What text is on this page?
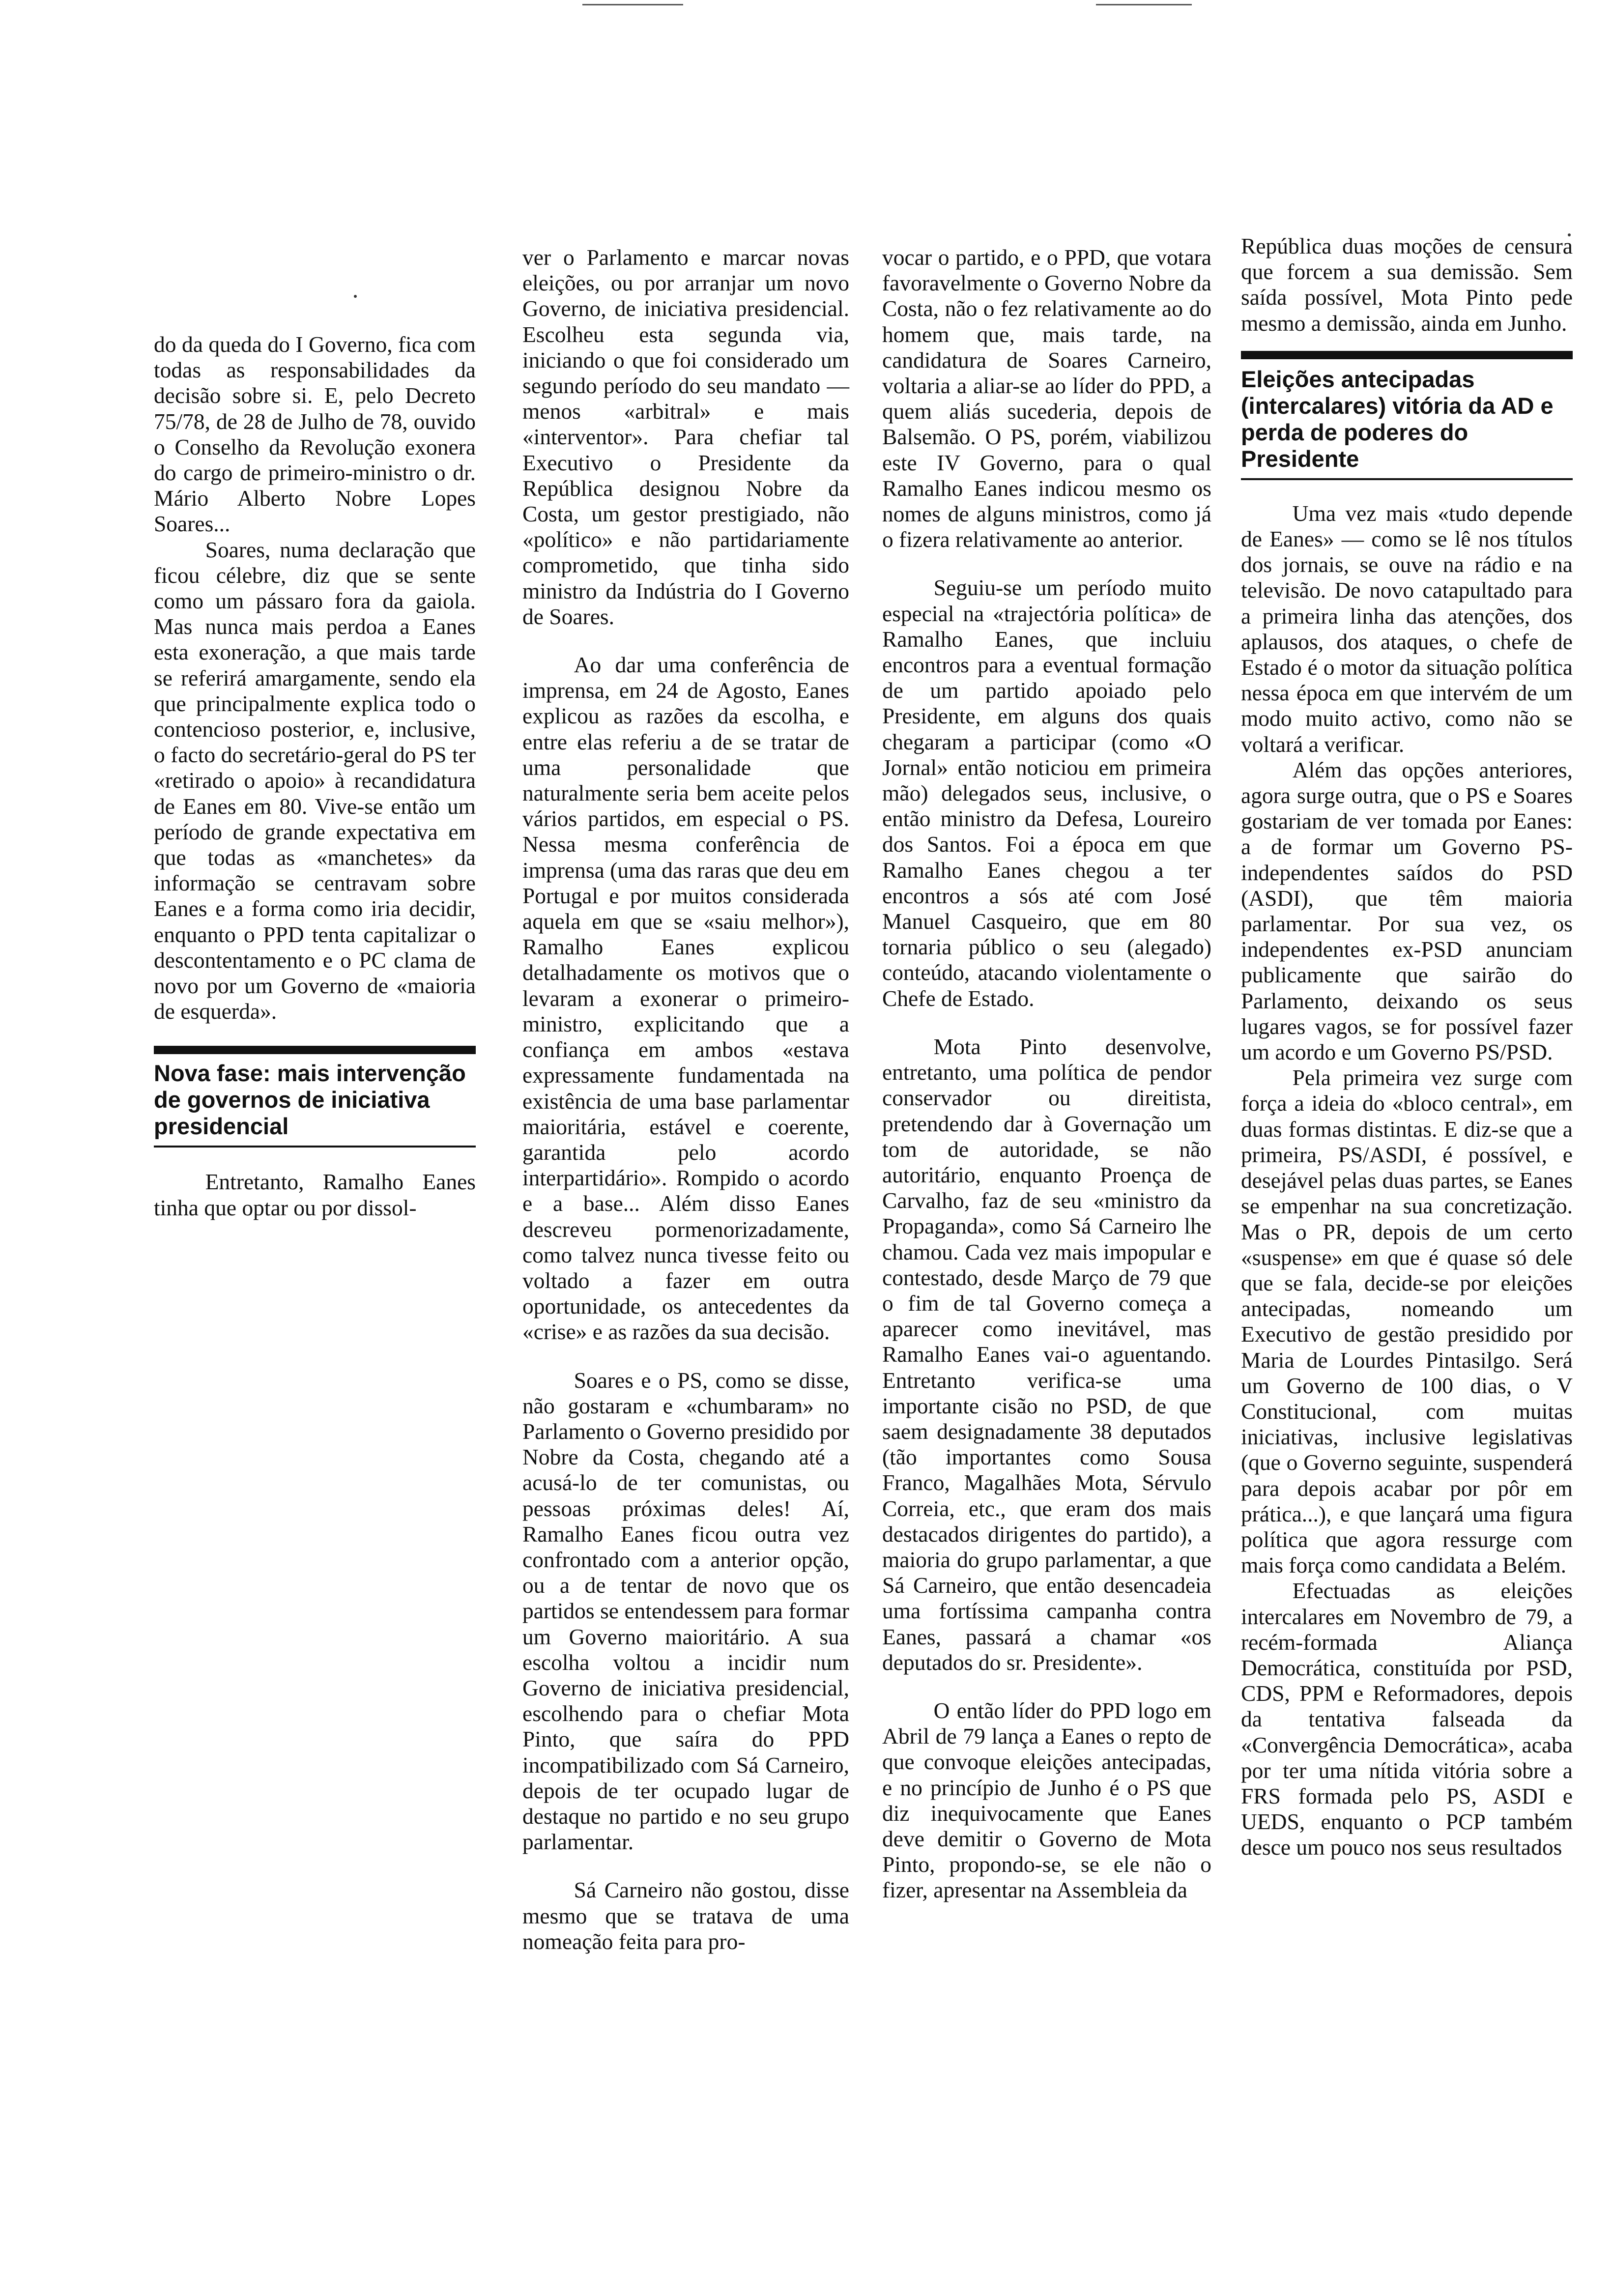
do da queda do I Governo, fica com todas as responsabilidades da decisão sobre si. E, pelo Decreto 75/78, de 28 de Julho de 78, ouvido o Conselho da Revolução exonera do cargo de primeiro-ministro o dr. Mário Alberto Nobre Lopes Soares...

Soares, numa declaração que ficou célebre, diz que se sente como um pássaro fora da gaiola. Mas nunca mais perdoa a Eanes esta exoneração, a que mais tarde se referirá amargamente, sendo ela que principalmente explica todo o contencioso posterior, e, inclusive, o facto do secretário-geral do PS ter «retirado o apoio» à recandidatura de Eanes em 80. Vive-se então um período de grande expectativa em que todas as «manchetes» da informação se centravam sobre Eanes e a forma como iria decidir, enquanto o PPD tenta capitalizar o descontentamento e o PC clama de novo por um Governo de «maioria de esquerda».

Nova fase: mais intervenção de governos de iniciativa presidencial

Entretanto, Ramalho Eanes tinha que optar ou por dissol-

ver o Parlamento e marcar novas eleições, ou por arranjar um novo Governo, de iniciativa presidencial. Escolheu esta segunda via, iniciando o que foi considerado um segundo período do seu mandato — menos «arbitral» e mais «interventor». Para chefiar tal Executivo o Presidente da República designou Nobre da Costa, um gestor prestigiado, não «político» e não partidariamente comprometido, que tinha sido ministro da Indústria do I Governo de Soares.

Ao dar uma conferência de imprensa, em 24 de Agosto, Eanes explicou as razões da escolha, e entre elas referiu a de se tratar de uma personalidade que naturalmente seria bem aceite pelos vários partidos, em especial o PS. Nessa mesma conferência de imprensa (uma das raras que deu em Portugal e por muitos considerada aquela em que se «saiu melhor»), Ramalho Eanes explicou detalhadamente os motivos que o levaram a exonerar o primeiro-ministro, explicitando que a confiança em ambos «estava expressamente fundamentada na existência de uma base parlamentar maioritária, estável e coerente, garantida pelo acordo interpartidário». Rompido o acordo e a base... Além disso Eanes descreveu pormenorizadamente, como talvez nunca tivesse feito ou voltado a fazer em outra oportunidade, os antecedentes da «crise» e as razões da sua decisão.

Soares e o PS, como se disse, não gostaram e «chumbaram» no Parlamento o Governo presidido por Nobre da Costa, chegando até a acusá-lo de ter comunistas, ou pessoas próximas deles! Aí, Ramalho Eanes ficou outra vez confrontado com a anterior opção, ou a de tentar de novo que os partidos se entendessem para formar um Governo maioritário. A sua escolha voltou a incidir num Governo de iniciativa presidencial, escolhendo para o chefiar Mota Pinto, que saíra do PPD incompatibilizado com Sá Carneiro, depois de ter ocupado lugar de destaque no partido e no seu grupo parlamentar.

Sá Carneiro não gostou, disse mesmo que se tratava de uma nomeação feita para pro-

vocar o partido, e o PPD, que votara favoravelmente o Governo Nobre da Costa, não o fez relativamente ao do homem que, mais tarde, na candidatura de Soares Carneiro, voltaria a aliar-se ao líder do PPD, a quem aliás sucederia, depois de Balsemão. O PS, porém, viabilizou este IV Governo, para o qual Ramalho Eanes indicou mesmo os nomes de alguns ministros, como já o fizera relativamente ao anterior.

Seguiu-se um período muito especial na «trajectória política» de Ramalho Eanes, que incluiu encontros para a eventual formação de um partido apoiado pelo Presidente, em alguns dos quais chegaram a participar (como «O Jornal» então noticiou em primeira mão) delegados seus, inclusive, o então ministro da Defesa, Loureiro dos Santos. Foi a época em que Ramalho Eanes chegou a ter encontros a sós até com José Manuel Casqueiro, que em 80 tornaria público o seu (alegado) conteúdo, atacando violentamente o Chefe de Estado.

Mota Pinto desenvolve, entretanto, uma política de pendor conservador ou direitista, pretendendo dar à Governação um tom de autoridade, se não autoritário, enquanto Proença de Carvalho, faz de seu «ministro da Propaganda», como Sá Carneiro lhe chamou. Cada vez mais impopular e contestado, desde Março de 79 que o fim de tal Governo começa a aparecer como inevitável, mas Ramalho Eanes vai-o aguentando. Entretanto verifica-se uma importante cisão no PSD, de que saem designadamente 38 deputados (tão importantes como Sousa Franco, Magalhães Mota, Sérvulo Correia, etc., que eram dos mais destacados dirigentes do partido), a maioria do grupo parlamentar, a que Sá Carneiro, que então desencadeia uma fortíssima campanha contra Eanes, passará a chamar «os deputados do sr. Presidente».

O então líder do PPD logo em Abril de 79 lança a Eanes o repto de que convoque eleições antecipadas, e no princípio de Junho é o PS que diz inequivocamente que Eanes deve demitir o Governo de Mota Pinto, propondo-se, se ele não o fizer, apresentar na Assembleia da

República duas moções de censura que forcem a sua demissão. Sem saída possível, Mota Pinto pede mesmo a demissão, ainda em Junho.

Eleições antecipadas (intercalares) vitória da AD e perda de poderes do Presidente

Uma vez mais «tudo depende de Eanes» — como se lê nos títulos dos jornais, se ouve na rádio e na televisão. De novo catapultado para a primeira linha das atenções, dos aplausos, dos ataques, o chefe de Estado é o motor da situação política nessa época em que intervém de um modo muito activo, como não se voltará a verificar.

Além das opções anteriores, agora surge outra, que o PS e Soares gostariam de ver tomada por Eanes: a de formar um Governo PS-independentes saídos do PSD (ASDI), que têm maioria parlamentar. Por sua vez, os independentes ex-PSD anunciam publicamente que sairão do Parlamento, deixando os seus lugares vagos, se for possível fazer um acordo e um Governo PS/PSD.

Pela primeira vez surge com força a ideia do «bloco central», em duas formas distintas. E diz-se que a primeira, PS/ASDI, é possível, e desejável pelas duas partes, se Eanes se empenhar na sua concretização. Mas o PR, depois de um certo «suspense» em que é quase só dele que se fala, decide-se por eleições antecipadas, nomeando um Executivo de gestão presidido por Maria de Lourdes Pintasilgo. Será um Governo de 100 dias, o V Constitucional, com muitas iniciativas, inclusive legislativas (que o Governo seguinte, suspenderá para depois acabar por pôr em prática...), e que lançará uma figura política que agora ressurge com mais força como candidata a Belém.

Efectuadas as eleições intercalares em Novembro de 79, a recém-formada Aliança Democrática, constituída por PSD, CDS, PPM e Reformadores, depois da tentativa falseada da «Convergência Democrática», acaba por ter uma nítida vitória sobre a FRS formada pelo PS, ASDI e UEDS, enquanto o PCP também desce um pouco nos seus resultados
